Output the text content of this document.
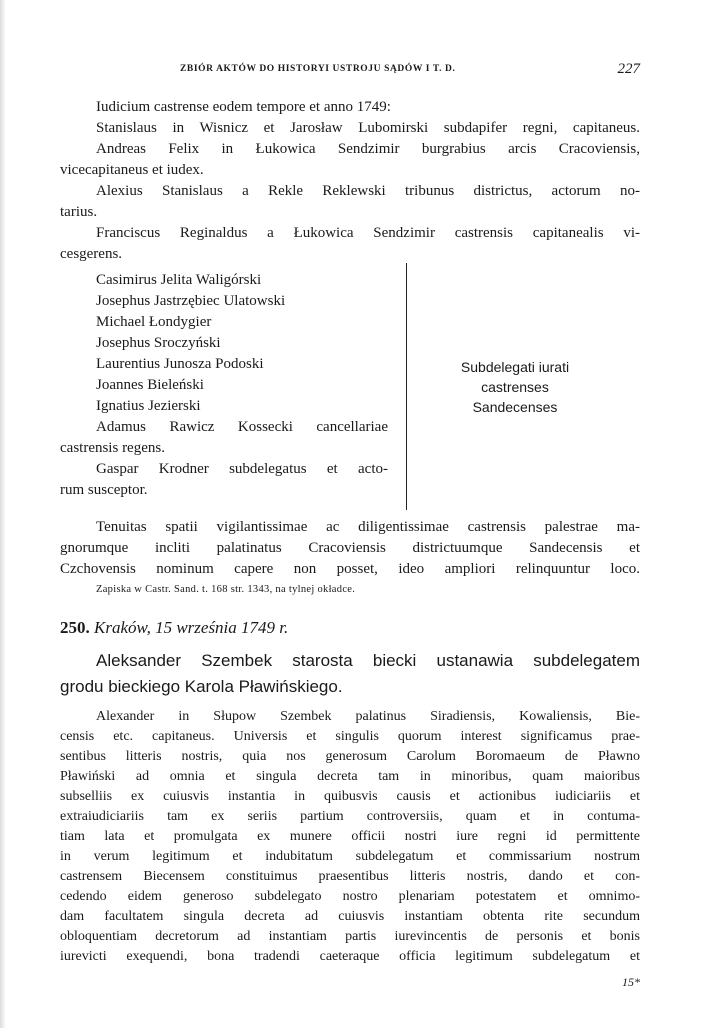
ZBIÓR AKTÓW DO HISTORYI USTROJU SĄDÓW I T. D.	227
Iudicium castrense eodem tempore et anno 1749:
Stanislaus in Wisnicz et Jarosław Lubomirski subdapifer regni, capitaneus.
Andreas Felix in Łukowica Sendzimir burgrabius arcis Cracoviensis,
vicecapitaneus et iudex.
Alexius Stanislaus a Rekle Reklewski tribunus districtus, actorum no-
tarius.
Franciscus Reginaldus a Łukowica Sendzimir castrensis capitanealis vi-
cesgerens.
Casimirus Jelita Waligórski
Josephus Jastrzębiec Ulatowski
Michael Łondygier
Josephus Sroczyński
Laurentius Junosza Podoski
Joannes Bieleński
Ignatius Jezierski
Adamus Rawicz Kossecki cancellariae
castrensis regens.
Gaspar Krodner subdelegatus et acto-
rum susceptor.
Subdelegati iurati
castrenses
Sandecenses
Tenuitas spatii vigilantissimae ac diligentissimae castrensis palestrae ma-
gnorumque incliti palatinatus Cracoviensis districtuumque Sandecensis et
Czchovensis nominum capere non posset, ideo ampliori relinquuntur loco.
Zapiska w Castr. Sand. t. 168 str. 1343, na tylnej okładce.
250. Kraków, 15 września 1749 r.
Aleksander Szembek starosta biecki ustanawia subdelegatem
grodu bieckiego Karola Pławińskiego.
Alexander in Słupow Szembek palatinus Siradiensis, Kowaliensis, Bie-
censis etc. capitaneus. Universis et singulis quorum interest significamus prae-
sentibus litteris nostris, quia nos generosum Carolum Boromaeum de Pławno
Pławiński ad omnia et singula decreta tam in minoribus, quam maioribus
subselliis ex cuiusvis instantia in quibusvis causis et actionibus iudiciariis et
extraiudiciariis tam ex seriis partium controversiis, quam et in contuma-
tiam lata et promulgata ex munere officii nostri iure regni id permittente
in verum legitimum et indubitatum subdelegatum et commissarium nostrum
castrensem Biecensem constituimus praesentibus litteris nostris, dando et con-
cedendo eidem generoso subdelegato nostro plenariam potestatem et omnimo-
dam facultatem singula decreta ad cuiusvis instantiam obtenta rite secundum
obloquentiam decretorum ad instantiam partis iurevincentis de personis et bonis
iurevicti exequendi, bona tradendi caeteraque officia legitimum subdelegatum et
15*
